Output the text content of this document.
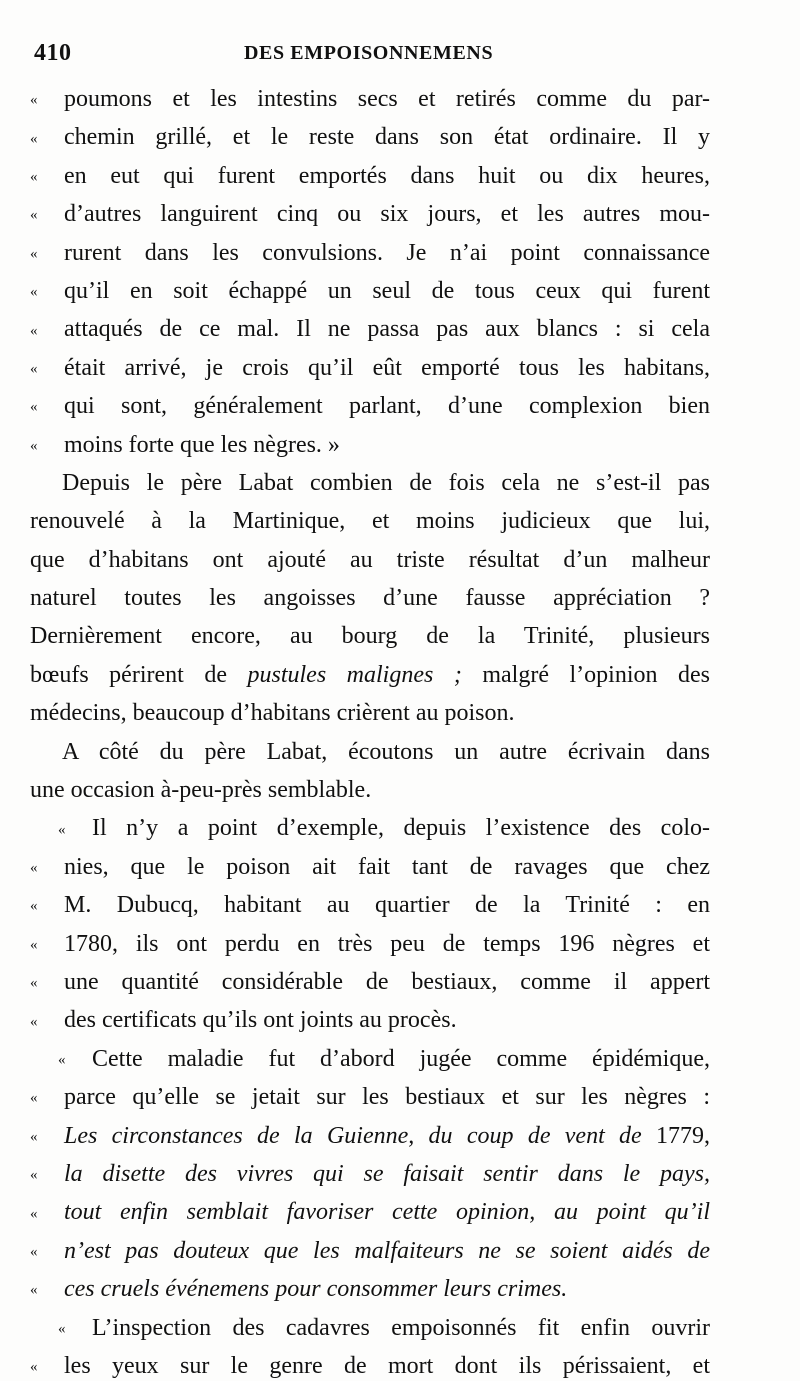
410	DES EMPOISONNEMENS
« poumons et les intestins secs et retirés comme du par-
« chemin grillé, et le reste dans son état ordinaire. Il y
« en eut qui furent emportés dans huit ou dix heures,
« d’autres languirent cinq ou six jours, et les autres mou-
« rurent dans les convulsions. Je n’ai point connaissance
« qu’il en soit échappé un seul de tous ceux qui furent
« attaqués de ce mal. Il ne passa pas aux blancs : si cela
« était arrivé, je crois qu’il eût emporté tous les habitans,
« qui sont, généralement parlant, d’une complexion bien
« moins forte que les nègres. »
Depuis le père Labat combien de fois cela ne s’est-il pas
renouvelé à la Martinique, et moins judicieux que lui,
que d’habitans ont ajouté au triste résultat d’un malheur
naturel toutes les angoisses d’une fausse appréciation ?
Dernièrement encore, au bourg de la Trinité, plusieurs
bœufs périrent de pustules malignes ; malgré l’opinion des
médecins, beaucoup d’habitans crièrent au poison.
A côté du père Labat, écoutons un autre écrivain dans
une occasion à-peu-près semblable.
« Il n’y a point d’exemple, depuis l’existence des colo-
« nies, que le poison ait fait tant de ravages que chez
« M. Dubucq, habitant au quartier de la Trinité : en
« 1780, ils ont perdu en très peu de temps 196 nègres et
« une quantité considérable de bestiaux, comme il appert
« des certificats qu’ils ont joints au procès.
« Cette maladie fut d’abord jugée comme épidémique,
« parce qu’elle se jetait sur les bestiaux et sur les nègres :
« Les circonstances de la Guienne, du coup de vent de 1779,
« la disette des vivres qui se faisait sentir dans le pays,
« tout enfin semblait favoriser cette opinion, au point qu’il
« n’est pas douteux que les malfaiteurs ne se soient aidés de
« ces cruels événemens pour consommer leurs crimes.
« L’inspection des cadavres empoisonnés fit enfin ouvrir
« les yeux sur le genre de mort dont ils périssaient, et
